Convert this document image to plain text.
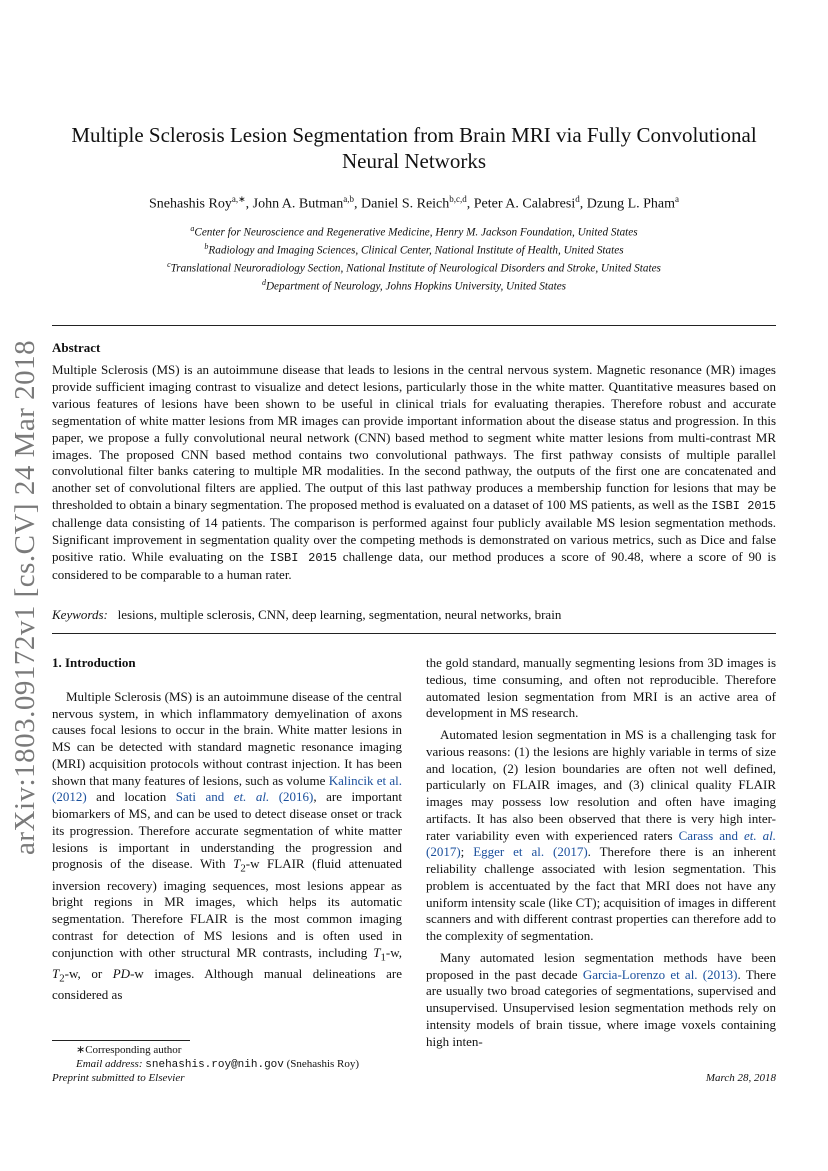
arXiv:1803.09172v1 [cs.CV] 24 Mar 2018
Multiple Sclerosis Lesion Segmentation from Brain MRI via Fully Convolutional
Neural Networks
Snehashis Roy$^{a,∗}$, John A. Butman$^{a,b}$, Daniel S. Reich$^{b,c,d}$, Peter A. Calabresi$^d$, Dzung L. Pham$^a$
$^a$Center for Neuroscience and Regenerative Medicine, Henry M. Jackson Foundation, United States
$^b$Radiology and Imaging Sciences, Clinical Center, National Institute of Health, United States
$^c$Translational Neuroradiology Section, National Institute of Neurological Disorders and Stroke, United States
$^d$Department of Neurology, Johns Hopkins University, United States
Abstract
Multiple Sclerosis (MS) is an autoimmune disease that leads to lesions in the central nervous system. Magnetic resonance (MR) images provide sufficient imaging contrast to visualize and detect lesions, particularly those in the white matter. Quantitative measures based on various features of lesions have been shown to be useful in clinical trials for evaluating therapies. Therefore robust and accurate segmentation of white matter lesions from MR images can provide important information about the disease status and progression. In this paper, we propose a fully convolutional neural network (CNN) based method to segment white matter lesions from multi-contrast MR images. The proposed CNN based method contains two convolutional pathways. The first pathway consists of multiple parallel convolutional filter banks catering to multiple MR modalities. In the second pathway, the outputs of the first one are concatenated and another set of convolutional filters are applied. The output of this last pathway produces a membership function for lesions that may be thresholded to obtain a binary segmentation. The proposed method is evaluated on a dataset of 100 MS patients, as well as the ISBI 2015 challenge data consisting of 14 patients. The comparison is performed against four publicly available MS lesion segmentation methods. Significant improvement in segmentation quality over the competing methods is demonstrated on various metrics, such as Dice and false positive ratio. While evaluating on the ISBI 2015 challenge data, our method produces a score of 90.48, where a score of 90 is considered to be comparable to a human rater.
Keywords: lesions, multiple sclerosis, CNN, deep learning, segmentation, neural networks, brain
1. Introduction

Multiple Sclerosis (MS) is an autoimmune disease of the central nervous system, in which inflammatory demyelination of axons causes focal lesions to occur in the brain. White matter lesions in MS can be detected with standard magnetic resonance imaging (MRI) acquisition protocols without contrast injection. It has been shown that many features of lesions, such as volume Kalincik et al. (2012) and location Sati and et. al. (2016), are important biomarkers of MS, and can be used to detect disease onset or track its progression. Therefore accurate segmentation of white matter lesions is important in understanding the progression and prognosis of the disease. With $T_2-w$ FLAIR (fluid attenuated inversion recovery) imaging sequences, most lesions appear as bright regions in MR images, which helps its automatic segmentation. Therefore FLAIR is the most common imaging contrast for detection of MS lesions and is often used in conjunction with other structural MR contrasts, including $T_1-w$, $T_2-w$, or PD-w images. Although manual delineations are considered as

the gold standard, manually segmenting lesions from 3D images is tedious, time consuming, and often not reproducible. Therefore automated lesion segmentation from MRI is an active area of development in MS research.

Automated lesion segmentation in MS is a challenging task for various reasons: (1) the lesions are highly variable in terms of size and location, (2) lesion boundaries are often not well defined, particularly on FLAIR images, and (3) clinical quality FLAIR images may possess low resolution and often have imaging artifacts. It has also been observed that there is very high inter-rater variability even with experienced raters Carass and et. al. (2017); Egger et al. (2017). Therefore there is an inherent reliability challenge associated with lesion segmentation. This problem is accentuated by the fact that MRI does not have any uniform intensity scale (like CT); acquisition of images in different scanners and with different contrast properties can therefore add to the complexity of segmentation.

Many automated lesion segmentation methods have been proposed in the past decade Garcia-Lorenzo et al. (2013). There are usually two broad categories of segmentations, supervised and unsupervised. Unsupervised lesion segmentation methods rely on intensity models of brain tissue, where image voxels containing high inten-

∗Corresponding author
Email address: snehashis.roy@nih.gov (Snehashis Roy)
Preprint submitted to Elsevier	March 28, 2018
